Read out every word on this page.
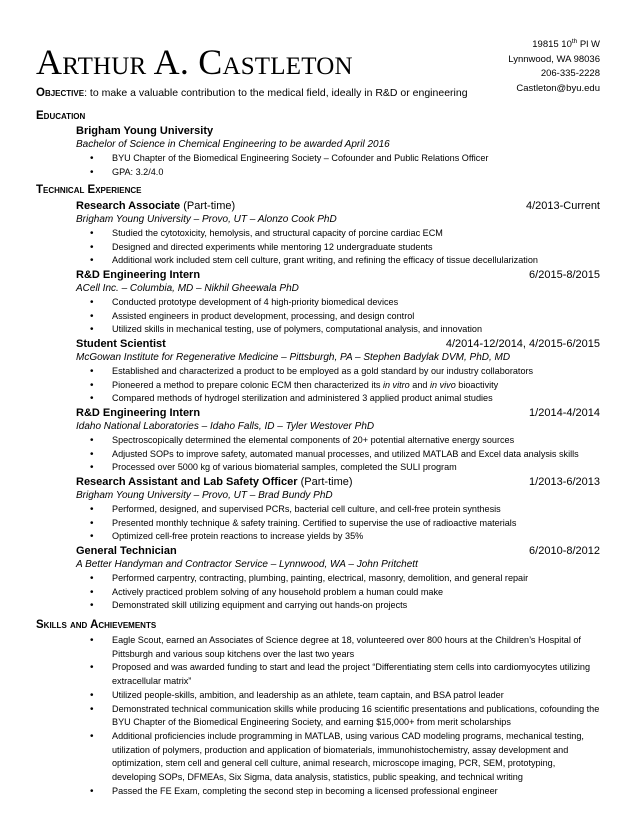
Arthur A. Castleton	19815 10th Pl W
Lynnwood, WA 98036
206-335-2228
Castleton@byu.edu
Objective: to make a valuable contribution to the medical field, ideally in R&D or engineering
Education
Brigham Young University
Bachelor of Science in Chemical Engineering to be awarded April 2016
• BYU Chapter of the Biomedical Engineering Society – Cofounder and Public Relations Officer
• GPA: 3.2/4.0
Technical Experience
Research Associate (Part-time)	4/2013-Current
Brigham Young University – Provo, UT – Alonzo Cook PhD
• Studied the cytotoxicity, hemolysis, and structural capacity of porcine cardiac ECM
• Designed and directed experiments while mentoring 12 undergraduate students
• Additional work included stem cell culture, grant writing, and refining the efficacy of tissue decellularization
R&D Engineering Intern	6/2015-8/2015
ACell Inc. – Columbia, MD – Nikhil Gheewala PhD
• Conducted prototype development of 4 high-priority biomedical devices
• Assisted engineers in product development, processing, and design control
• Utilized skills in mechanical testing, use of polymers, computational analysis, and innovation
Student Scientist	4/2014-12/2014, 4/2015-6/2015
McGowan Institute for Regenerative Medicine – Pittsburgh, PA – Stephen Badylak DVM, PhD, MD
• Established and characterized a product to be employed as a gold standard by our industry collaborators
• Pioneered a method to prepare colonic ECM then characterized its in vitro and in vivo bioactivity
• Compared methods of hydrogel sterilization and administered 3 applied product animal studies
R&D Engineering Intern	1/2014-4/2014
Idaho National Laboratories – Idaho Falls, ID – Tyler Westover PhD
• Spectroscopically determined the elemental components of 20+ potential alternative energy sources
• Adjusted SOPs to improve safety, automated manual processes, and utilized MATLAB and Excel data analysis skills
• Processed over 5000 kg of various biomaterial samples, completed the SULI program
Research Assistant and Lab Safety Officer (Part-time)	1/2013-6/2013
Brigham Young University – Provo, UT – Brad Bundy PhD
• Performed, designed, and supervised PCRs, bacterial cell culture, and cell-free protein synthesis
• Presented monthly technique & safety training. Certified to supervise the use of radioactive materials
• Optimized cell-free protein reactions to increase yields by 35%
General Technician	6/2010-8/2012
A Better Handyman and Contractor Service – Lynnwood, WA – John Pritchett
• Performed carpentry, contracting, plumbing, painting, electrical, masonry, demolition, and general repair
• Actively practiced problem solving of any household problem a human could make
• Demonstrated skill utilizing equipment and carrying out hands-on projects
Skills and Achievements
• Eagle Scout, earned an Associates of Science degree at 18, volunteered over 800 hours at the Children’s Hospital of Pittsburgh and various soup kitchens over the last two years
• Proposed and was awarded funding to start and lead the project “Differentiating stem cells into cardiomyocytes utilizing extracellular matrix”
• Utilized people-skills, ambition, and leadership as an athlete, team captain, and BSA patrol leader
• Demonstrated technical communication skills while producing 16 scientific presentations and publications, cofounding the BYU Chapter of the Biomedical Engineering Society, and earning $15,000+ from merit scholarships
• Additional proficiencies include programming in MATLAB, using various CAD modeling programs, mechanical testing, utilization of polymers, production and application of biomaterials, immunohistochemistry, assay development and optimization, stem cell and general cell culture, animal research, microscope imaging, PCR, SEM, prototyping, developing SOPs, DFMEAs, Six Sigma, data analysis, statistics, public speaking, and technical writing
• Passed the FE Exam, completing the second step in becoming a licensed professional engineer
